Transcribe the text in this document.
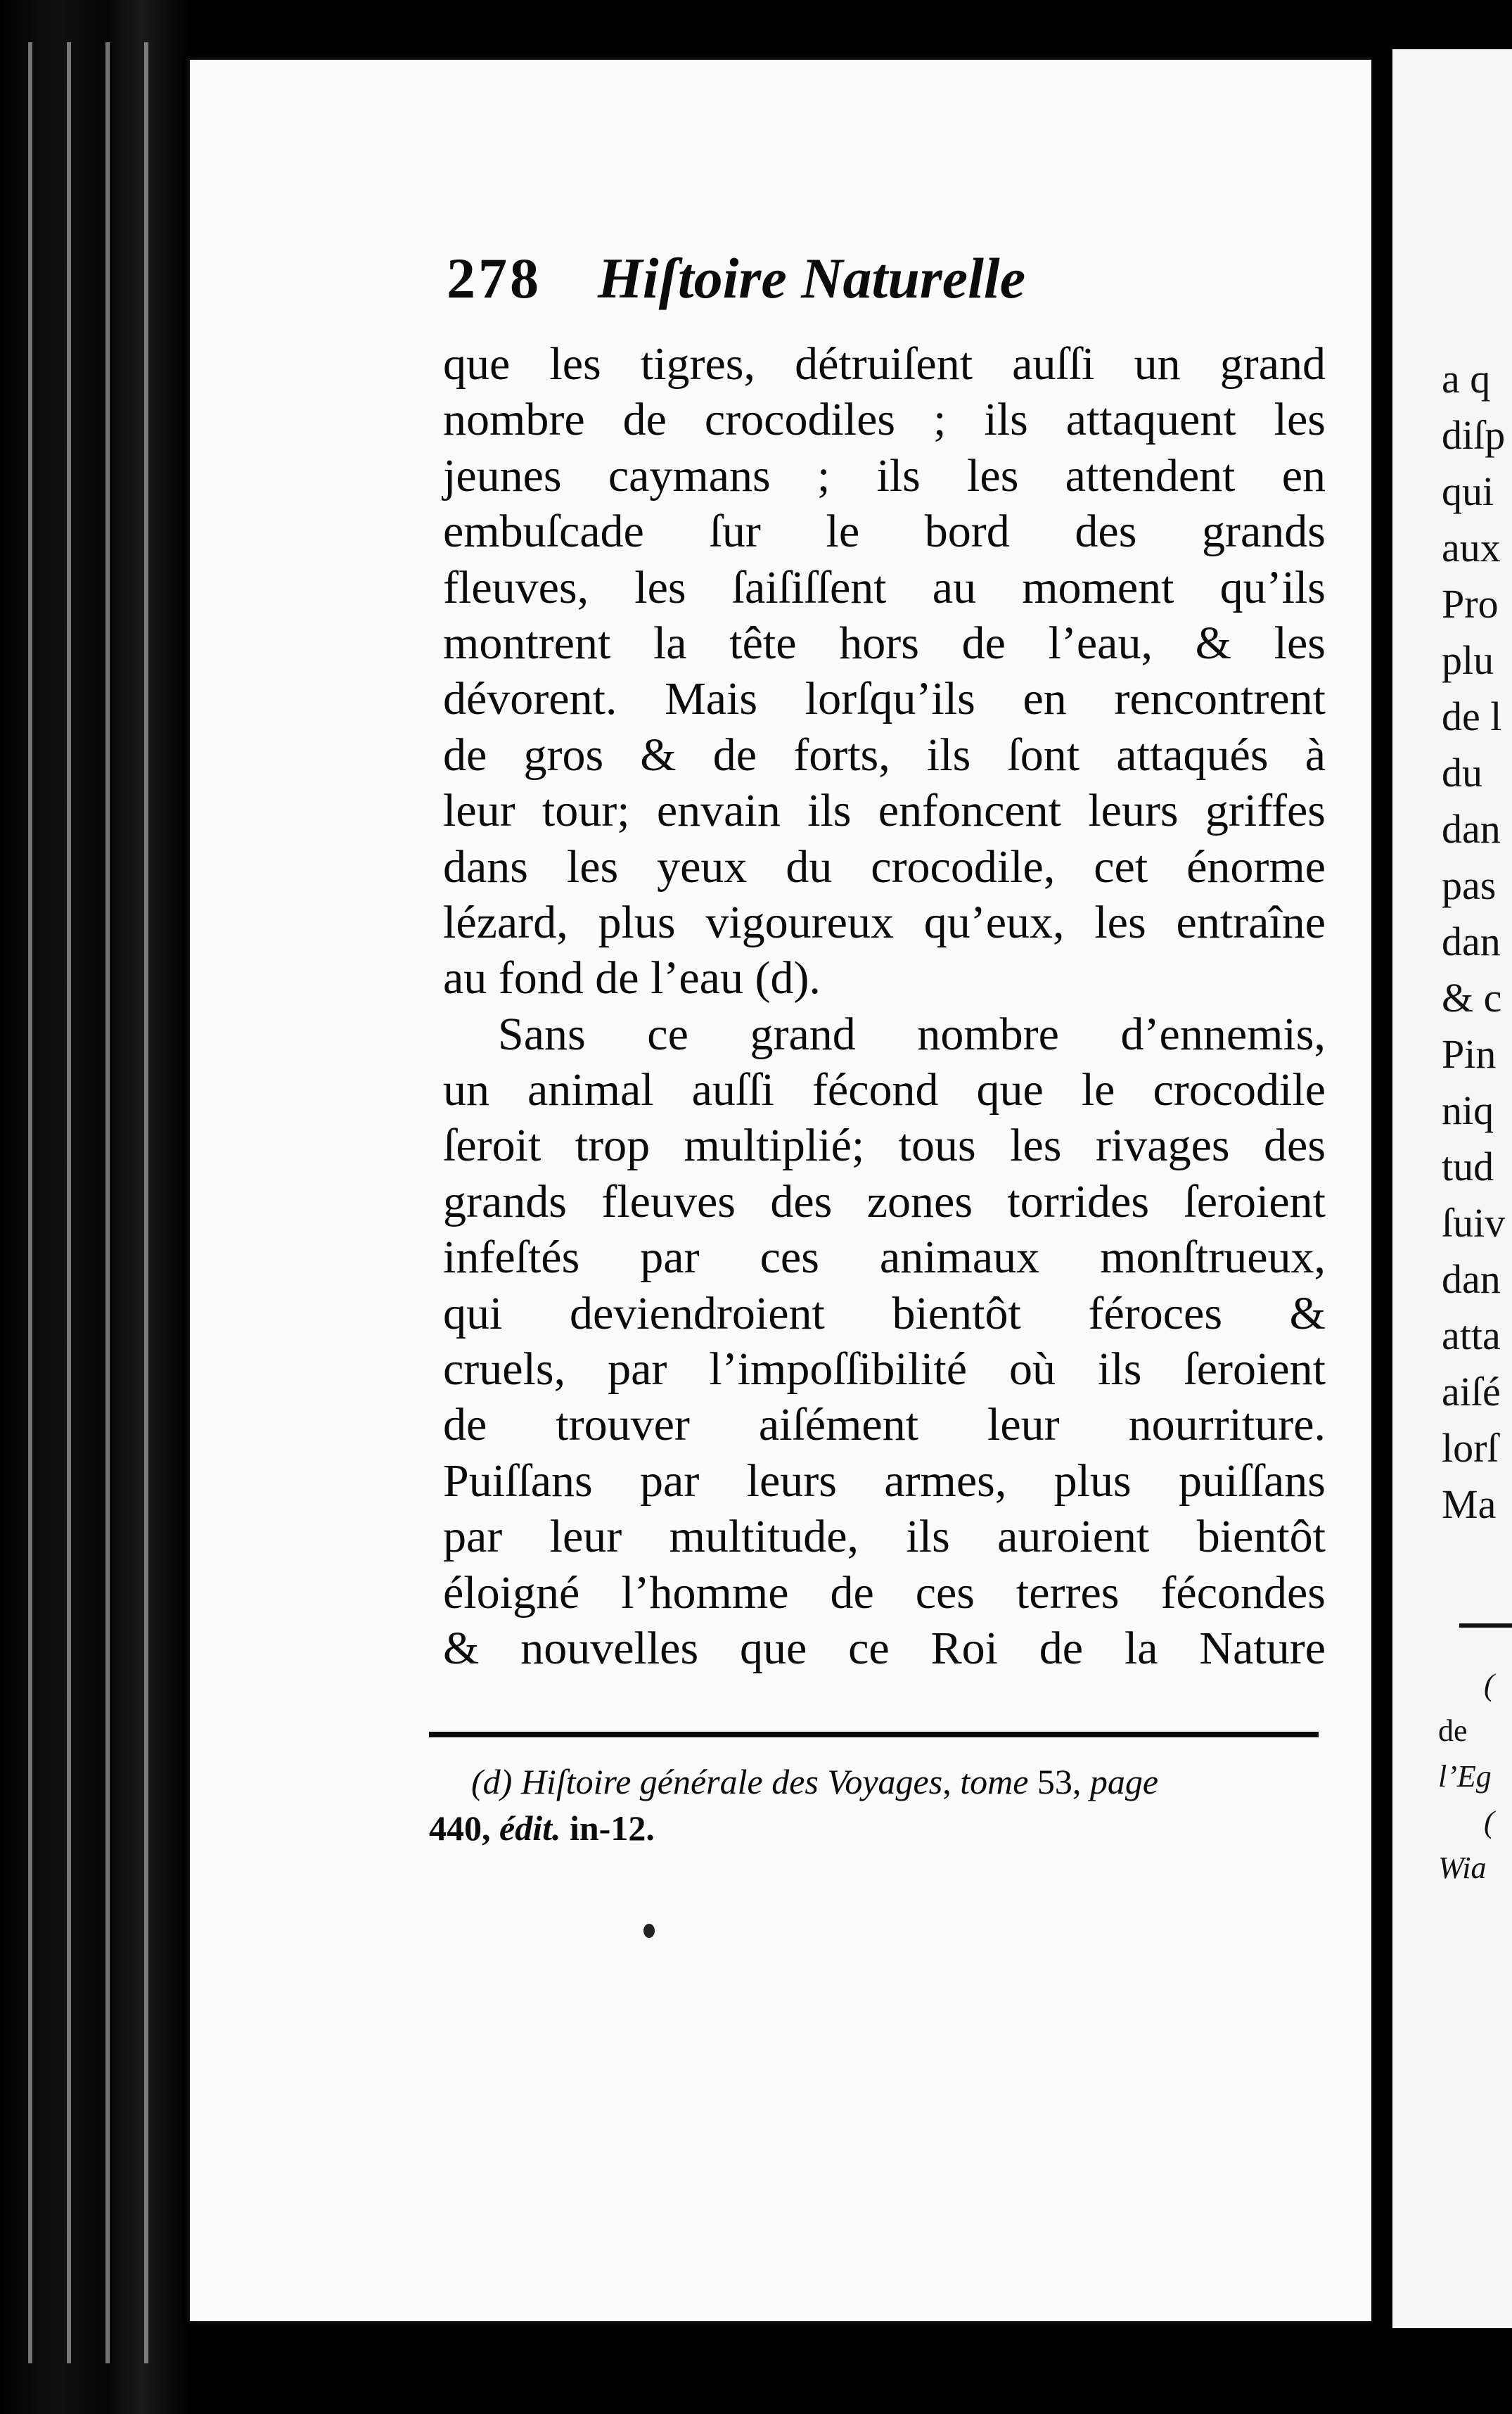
278 Hiſtoire Naturelle
que les tigres, détruiſent auſſi un grand
nombre de crocodiles ; ils attaquent les
jeunes caymans ; ils les attendent en
embuſcade ſur le bord des grands
fleuves, les ſaiſiſſent au moment qu’ils
montrent la tête hors de l’eau, & les
dévorent. Mais lorſqu’ils en rencontrent
de gros & de forts, ils ſont attaqués à
leur tour; envain ils enfoncent leurs griffes
dans les yeux du crocodile, cet énorme
lézard, plus vigoureux qu’eux, les entraîne
au fond de l’eau (d).
Sans ce grand nombre d’ennemis,
un animal auſſi fécond que le crocodile
ſeroit trop multiplié; tous les rivages des
grands fleuves des zones torrides ſeroient
infeſtés par ces animaux monſtrueux,
qui deviendroient bientôt féroces &
cruels, par l’impoſſibilité où ils ſeroient
de trouver aiſément leur nourriture.
Puiſſans par leurs armes, plus puiſſans
par leur multitude, ils auroient bientôt
éloigné l’homme de ces terres fécondes
& nouvelles que ce Roi de la Nature
(d) Hiſtoire générale des Voyages, tome 53, page
440, édit. in-12.
a q
diſp
qui
aux
Pro
plu
de l
du
dan
pas
dan
& c
Pin
niq
tud
ſuiv
dan
atta
aiſé
lorſ
Ma
(
de
l’Eg
(
Wia
